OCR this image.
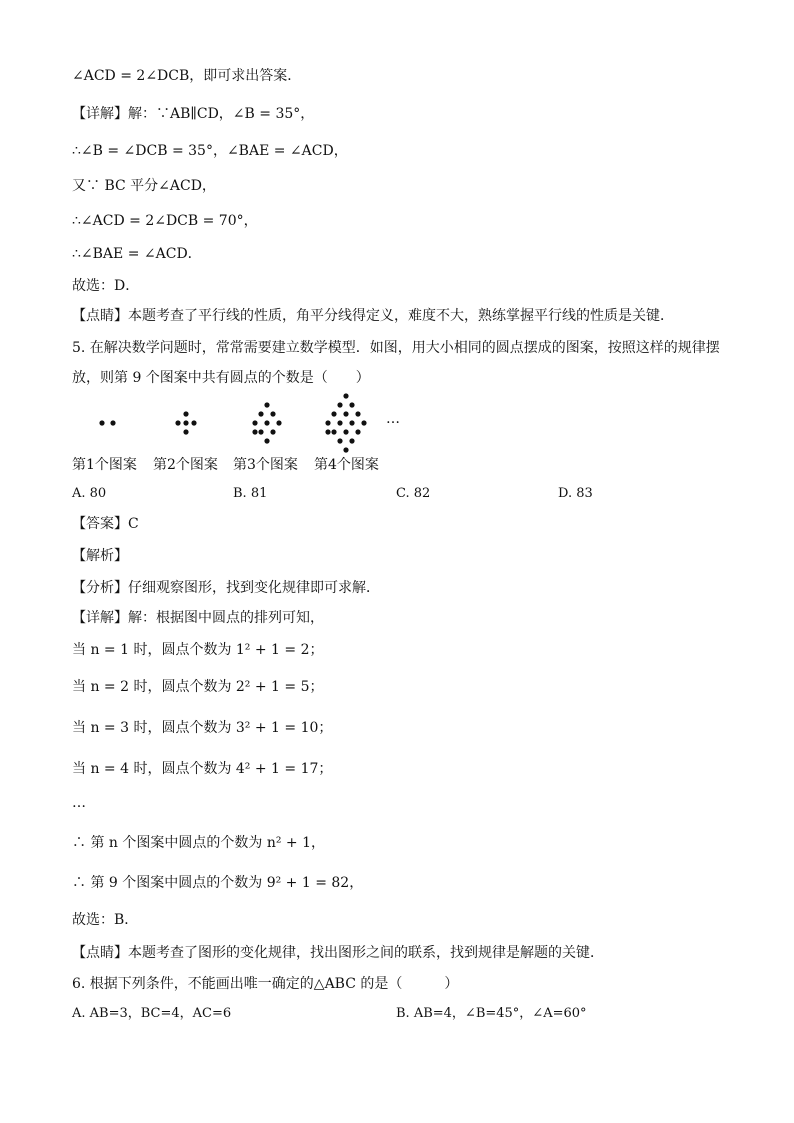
∠ACD = 2∠DCB，即可求出答案．
【详解】解：∵AB∥CD，∠B = 35°，
∴∠B = ∠DCB = 35°，∠BAE = ∠ACD，
又∵ BC 平分∠ACD，
∴∠ACD = 2∠DCB = 70°，
∴∠BAE = ∠ACD．
故选：D．
【点睛】本题考查了平行线的性质，角平分线得定义，难度不大，熟练掌握平行线的性质是关键．
5. 在解决数学问题时，常常需要建立数学模型．如图，用大小相同的圆点摆成的图案，按照这样的规律摆
放，则第 9 个图案中共有圆点的个数是（　　）
…
第1个图案 第2个图案 第3个图案 第4个图案
A. 80	B. 81	C. 82	D. 83
【答案】C
【解析】
【分析】仔细观察图形，找到变化规律即可求解．
【详解】解：根据图中圆点的排列可知，
当 n = 1 时，圆点个数为 1² + 1 = 2；
当 n = 2 时，圆点个数为 2² + 1 = 5；
当 n = 3 时，圆点个数为 3² + 1 = 10；
当 n = 4 时，圆点个数为 4² + 1 = 17；
…
∴ 第 n 个图案中圆点的个数为 n² + 1，
∴ 第 9 个图案中圆点的个数为 9² + 1 = 82，
故选：B．
【点睛】本题考查了图形的变化规律，找出图形之间的联系，找到规律是解题的关键．
6. 根据下列条件，不能画出唯一确定的△ABC 的是（　　　）
A. AB=3，BC=4，AC=6	B. AB=4，∠B=45°，∠A=60°
